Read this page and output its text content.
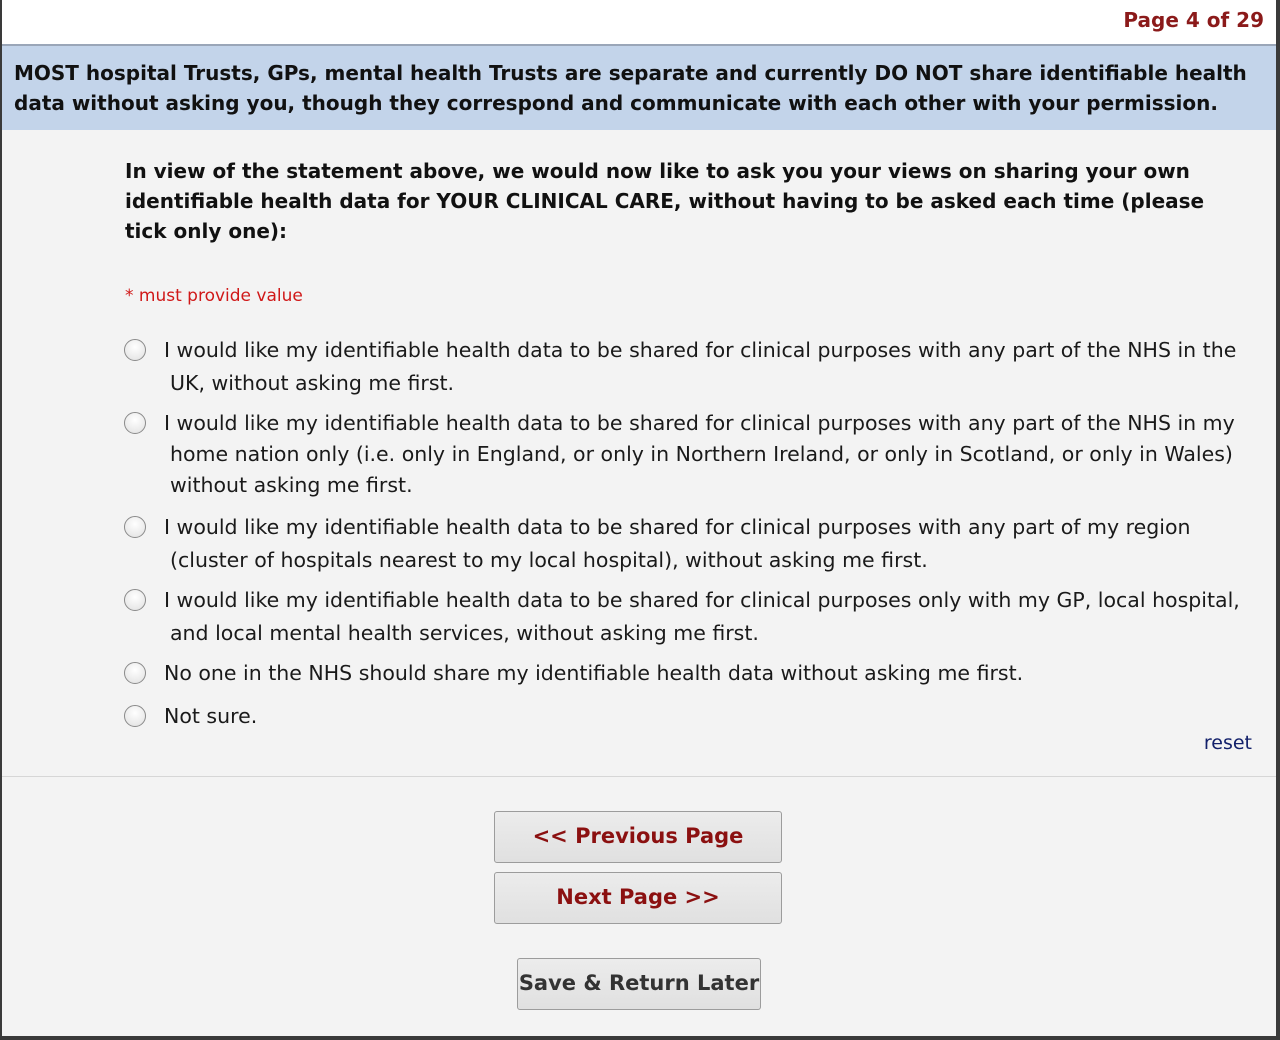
Page 4 of 29
MOST hospital Trusts, GPs, mental health Trusts are separate and currently DO NOT share identifiable health data without asking you, though they correspond and communicate with each other with your permission.
In view of the statement above, we would now like to ask you your views on sharing your own identifiable health data for YOUR CLINICAL CARE, without having to be asked each time (please tick only one):
* must provide value
I would like my identifiable health data to be shared for clinical purposes with any part of the NHS in the
UK, without asking me first.
I would like my identifiable health data to be shared for clinical purposes with any part of the NHS in my
home nation only (i.e. only in England, or only in Northern Ireland, or only in Scotland, or only in Wales) without asking me first.
I would like my identifiable health data to be shared for clinical purposes with any part of my region
(cluster of hospitals nearest to my local hospital), without asking me first.
I would like my identifiable health data to be shared for clinical purposes only with my GP, local hospital,
and local mental health services, without asking me first.
No one in the NHS should share my identifiable health data without asking me first.
Not sure.
reset
<< Previous Page
Next Page >>
Save & Return Later
